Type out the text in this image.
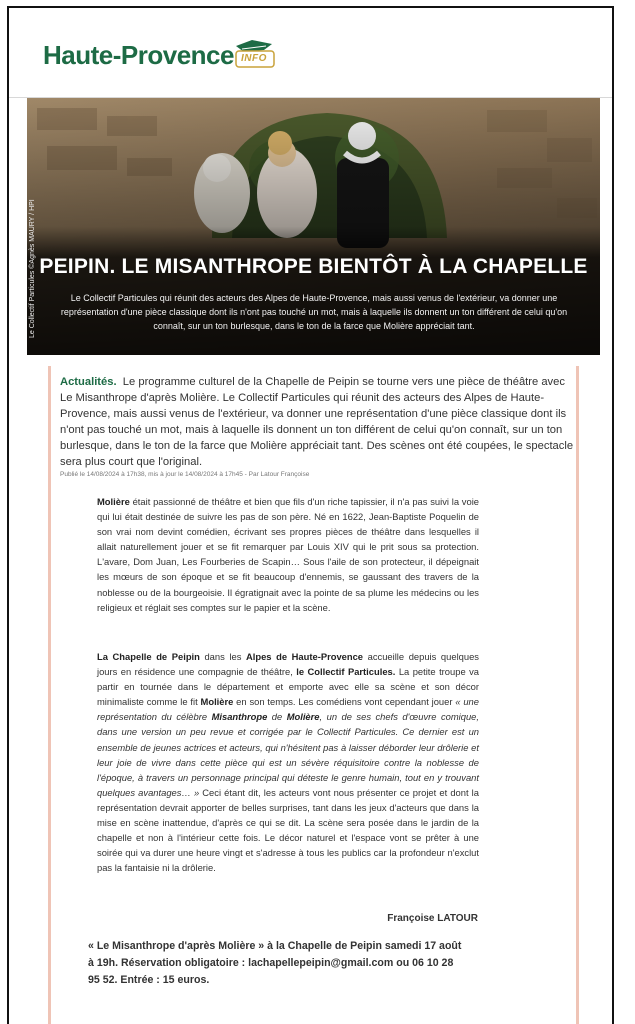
Haute-Provence INFO
Le Collectif Particules ©Agnès MAURY / HPI PEIPIN. LE MISANTHROPE BIENTÔT À LA CHAPELLE

Le Collectif Particules qui réunit des acteurs des Alpes de Haute-Provence, mais aussi venus de l'extérieur, va donner une représentation d'une pièce classique dont ils n'ont pas touché un mot, mais à laquelle ils donnent un ton différent de celui qu'on connaît, sur un ton burlesque, dans le ton de la farce que Molière appréciait tant.

Actualités. Le programme culturel de la Chapelle de Peipin se tourne vers une pièce de théâtre avec Le Misanthrope d'après Molière. Le Collectif Particules qui réunit des acteurs des Alpes de Haute-Provence, mais aussi venus de l'extérieur, va donner une représentation d'une pièce classique dont ils n'ont pas touché un mot, mais à laquelle ils donnent un ton différent de celui qu'on connaît, sur un ton burlesque, dans le ton de la farce que Molière appréciait tant. Des scènes ont été coupées, le spectacle sera plus court que l'original.

Publié le 14/08/2024 à 17h38, mis à jour le 14/08/2024 à 17h45 - Par Latour Françoise

Molière était passionné de théâtre et bien que fils d'un riche tapissier, il n'a pas suivi la voie qui lui était destinée de suivre les pas de son père. Né en 1622, Jean-Baptiste Poquelin de son vrai nom devint comédien, écrivant ses propres pièces de théâtre dans lesquelles il allait naturellement jouer et se fit remarquer par Louis XIV qui le prit sous sa protection. L'avare, Dom Juan, Les Fourberies de Scapin… Sous l'aile de son protecteur, il dépeignait les mœurs de son époque et se fit beaucoup d'ennemis, se gaussant des travers de la noblesse ou de la bourgeoisie. Il égratignait avec la pointe de sa plume les médecins ou les religieux et réglait ses comptes sur le papier et la scène.

La Chapelle de Peipin dans les Alpes de Haute-Provence accueille depuis quelques jours en résidence une compagnie de théâtre, le Collectif Particules. La petite troupe va partir en tournée dans le département et emporte avec elle sa scène et son décor minimaliste comme le fit Molière en son temps. Les comédiens vont cependant jouer « une représentation du célèbre Misanthrope de Molière, un de ses chefs d'œuvre comique, dans une version un peu revue et corrigée par le Collectif Particules. Ce dernier est un ensemble de jeunes actrices et acteurs, qui n'hésitent pas à laisser déborder leur drôlerie et leur joie de vivre dans cette pièce qui est un sévère réquisitoire contre la noblesse de l'époque, à travers un personnage principal qui déteste le genre humain, tout en y trouvant quelques avantages… » Ceci étant dit, les acteurs vont nous présenter ce projet et dont la représentation devrait apporter de belles surprises, tant dans les jeux d'acteurs que dans la mise en scène inattendue, d'après ce qui se dit. La scène sera posée dans le jardin de la chapelle et non à l'intérieur cette fois. Le décor naturel et l'espace vont se prêter à une soirée qui va durer une heure vingt et s'adresse à tous les publics car la profondeur n'exclut pas la fantaisie ni la drôlerie.

Françoise LATOUR

« Le Misanthrope d'après Molière » à la Chapelle de Peipin samedi 17 août à 19h. Réservation obligatoire : lachapellepeipin@gmail.com ou 06 10 28 95 52. Entrée : 15 euros.
